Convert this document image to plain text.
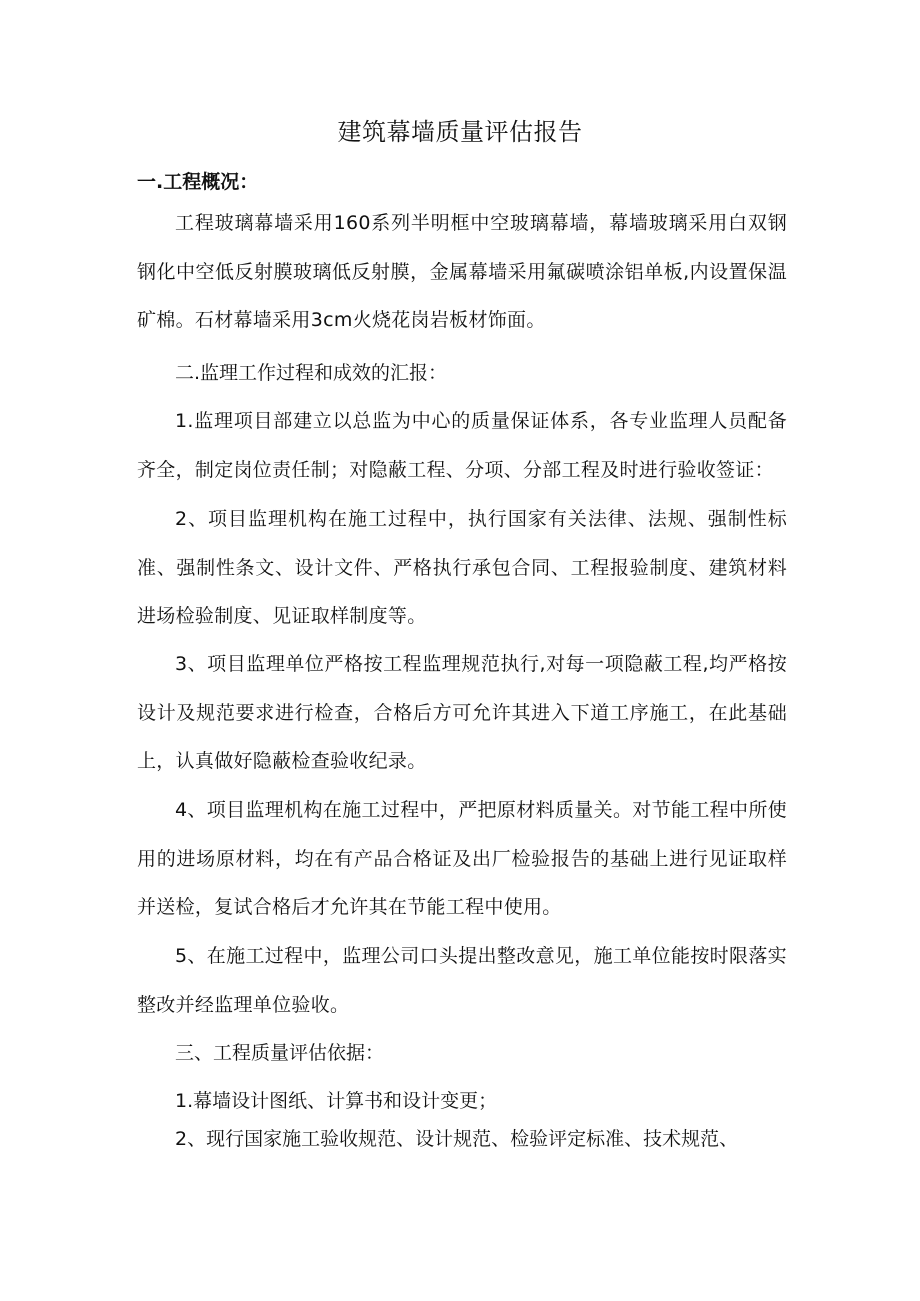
建筑幕墙质量评估报告
一.工程概况：

工程玻璃幕墙采用160系列半明框中空玻璃幕墙，幕墙玻璃采用白双钢钢化中空低反射膜玻璃低反射膜，金属幕墙采用氟碳喷涂铝单板,内设置保温矿棉。石材幕墙采用3cm火烧花岗岩板材饰面。

二.监理工作过程和成效的汇报：

1.监理项目部建立以总监为中心的质量保证体系，各专业监理人员配备齐全，制定岗位责任制；对隐蔽工程、分项、分部工程及时进行验收签证：

2、项目监理机构在施工过程中，执行国家有关法律、法规、强制性标准、强制性条文、设计文件、严格执行承包合同、工程报验制度、建筑材料进场检验制度、见证取样制度等。

3、项目监理单位严格按工程监理规范执行,对每一项隐蔽工程,均严格按设计及规范要求进行检查，合格后方可允许其进入下道工序施工，在此基础上，认真做好隐蔽检查验收纪录。

4、项目监理机构在施工过程中，严把原材料质量关。对节能工程中所使用的进场原材料，均在有产品合格证及出厂检验报告的基础上进行见证取样并送检，复试合格后才允许其在节能工程中使用。

5、在施工过程中，监理公司口头提出整改意见，施工单位能按时限落实整改并经监理单位验收。

三、工程质量评估依据：
1.幕墙设计图纸、计算书和设计变更；
2、现行国家施工验收规范、设计规范、检验评定标准、技术规范、
